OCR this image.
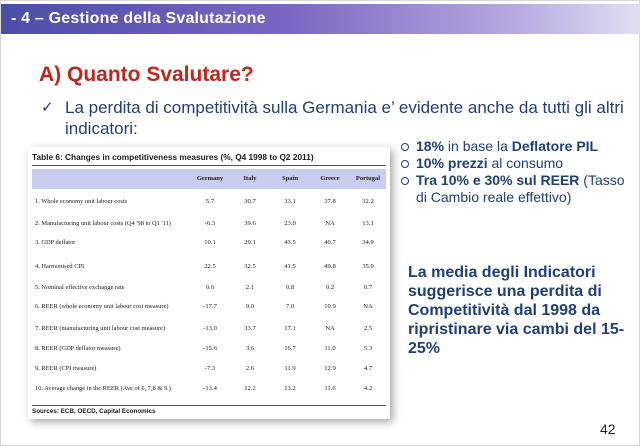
- 4 – Gestione della Svalutazione
A) Quanto Svalutare?
✓ La perdita di competitività sulla Germania e’ evidente anche da tutti gli altri indicatori:
Table 6: Changes in competitiveness measures (%, Q4 1998 to Q2 2011)
Germany	Italy	Spain	Greece	Portugal
1. Whole economy unit labour costs	5.7	30.7	33.1	37.8	32.2
2. Manufacturing unit labour costs (Q4 '98 to Q1 '11)	-6.3	39.6	23.0	NA	13.1
3. GDP deflator	10.1	29.1	43.5	40.7	34.9
4. Harmonised CPI	22.5	32.5	41.5	49.8	35.9
5. Nominal effective exchange rate	0.6	2.1	0.8	0.2	0.7
6. REER (whole economy unit labour cost measure)	-17.7	9.0	7.0	10.9	NA
7. REER (manufacturing unit labour cost measure)	-13.0	33.7	17.1	NA	2.5
8. REER (GDP deflator measure)	-15.6	3.6	16.7	11.0	5.3
9. REER (CPI measure)	-7.3	2.6	11.9	12.9	4.7
10. Average change in the REER (Ave of 6, 7,8 & 9.)	-13.4	12.2	13.2	11.6	4.2
Sources: ECB, OECD, Capital Economics
18% in base la Deflatore PIL
10% prezzi al consumo
Tra 10% e 30% sul REER (Tasso di Cambio reale effettivo)
La media degli Indicatori suggerisce una perdita di Competitività dal 1998 da ripristinare via cambi del 15-25%
42
